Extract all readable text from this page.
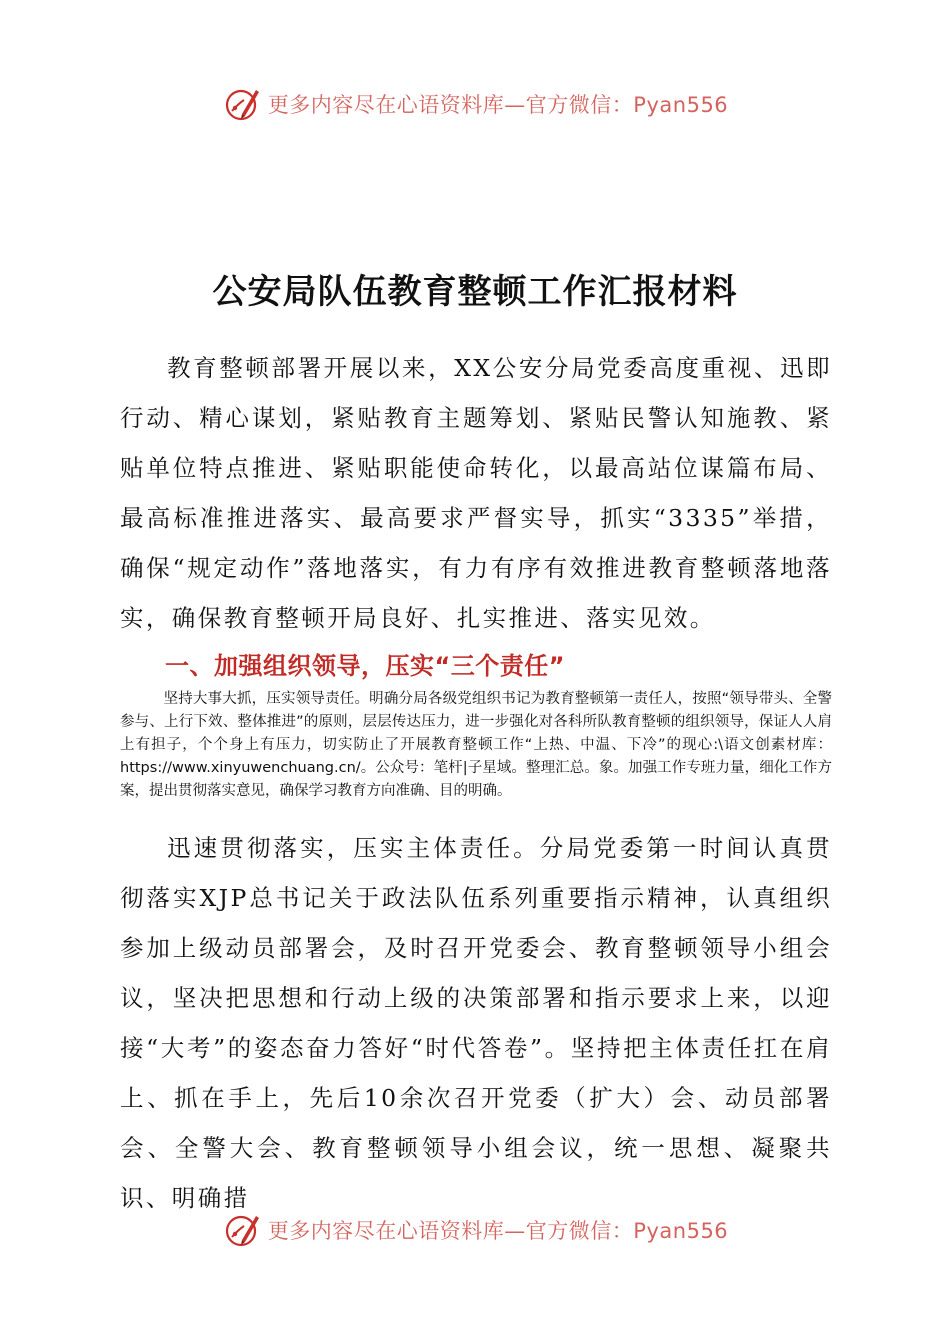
更多内容尽在心语资料库—官方微信：Pyan556
公安局队伍教育整顿工作汇报材料

教育整顿部署开展以来，XX公安分局党委高度重视、迅即行动、精心谋划，紧贴教育主题筹划、紧贴民警认知施教、紧贴单位特点推进、紧贴职能使命转化，以最高站位谋篇布局、最高标准推进落实、最高要求严督实导，抓实“3335”举措，确保“规定动作”落地落实，有力有序有效推进教育整顿落地落实，确保教育整顿开局良好、扎实推进、落实见效。

一、加强组织领导，压实“三个责任”

坚持大事大抓，压实领导责任。明确分局各级党组织书记为教育整顿第一责任人，按照“领导带头、全警参与、上行下效、整体推进”的原则，层层传达压力，进一步强化对各科所队教育整顿的组织领导，保证人人肩上有担子，个个身上有压力，切实防止了开展教育整顿工作“上热、中温、下冷”的现心:\语文创素材库：https://www.xinyuwenchuang.cn/。公众号：笔杆|子星域。整理汇总。象。加强工作专班力量，细化工作方案，提出贯彻落实意见，确保学习教育方向准确、目的明确。

迅速贯彻落实，压实主体责任。分局党委第一时间认真贯彻落实XJP总书记关于政法队伍系列重要指示精神，认真组织参加上级动员部署会，及时召开党委会、教育整顿领导小组会议，坚决把思想和行动上级的决策部署和指示要求上来，以迎接“大考”的姿态奋力答好“时代答卷”。坚持把主体责任扛在肩上、抓在手上，先后10余次召开党委（扩大）会、动员部署会、全警大会、教育整顿领导小组会议，统一思想、凝聚共识、明确措

更多内容尽在心语资料库—官方微信：Pyan556
